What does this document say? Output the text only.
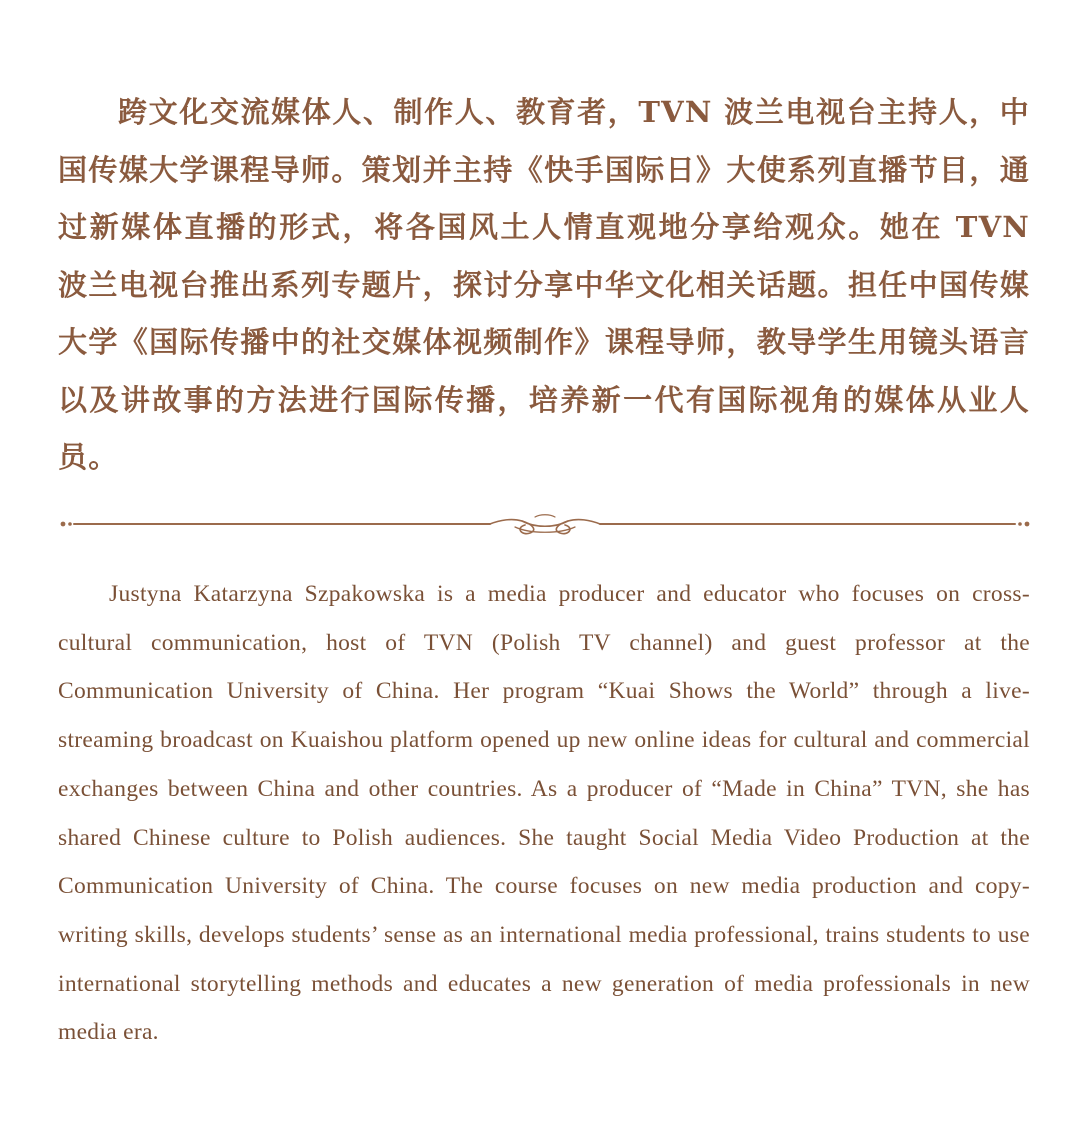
跨文化交流媒体人、制作人、教育者，TVN 波兰电视台主持人，中国传媒大学课程导师。策划并主持《快手国际日》大使系列直播节目，通过新媒体直播的形式，将各国风土人情直观地分享给观众。她在 TVN 波兰电视台推出系列专题片，探讨分享中华文化相关话题。担任中国传媒大学《国际传播中的社交媒体视频制作》课程导师，教导学生用镜头语言以及讲故事的方法进行国际传播，培养新一代有国际视角的媒体从业人员。

Justyna Katarzyna Szpakowska is a media producer and educator who focuses on cross-cultural communication, host of TVN (Polish TV channel) and guest professor at the Communication University of China. Her program “Kuai Shows the World” through a live-streaming broadcast on Kuaishou platform opened up new online ideas for cultural and commercial exchanges between China and other countries. As a producer of “Made in China” TVN, she has shared Chinese culture to Polish audiences. She taught Social Media Video Production at the Communication University of China. The course focuses on new media production and copy-writing skills, develops students’ sense as an international media professional, trains students to use international storytelling methods and educates a new generation of media professionals in new media era.
